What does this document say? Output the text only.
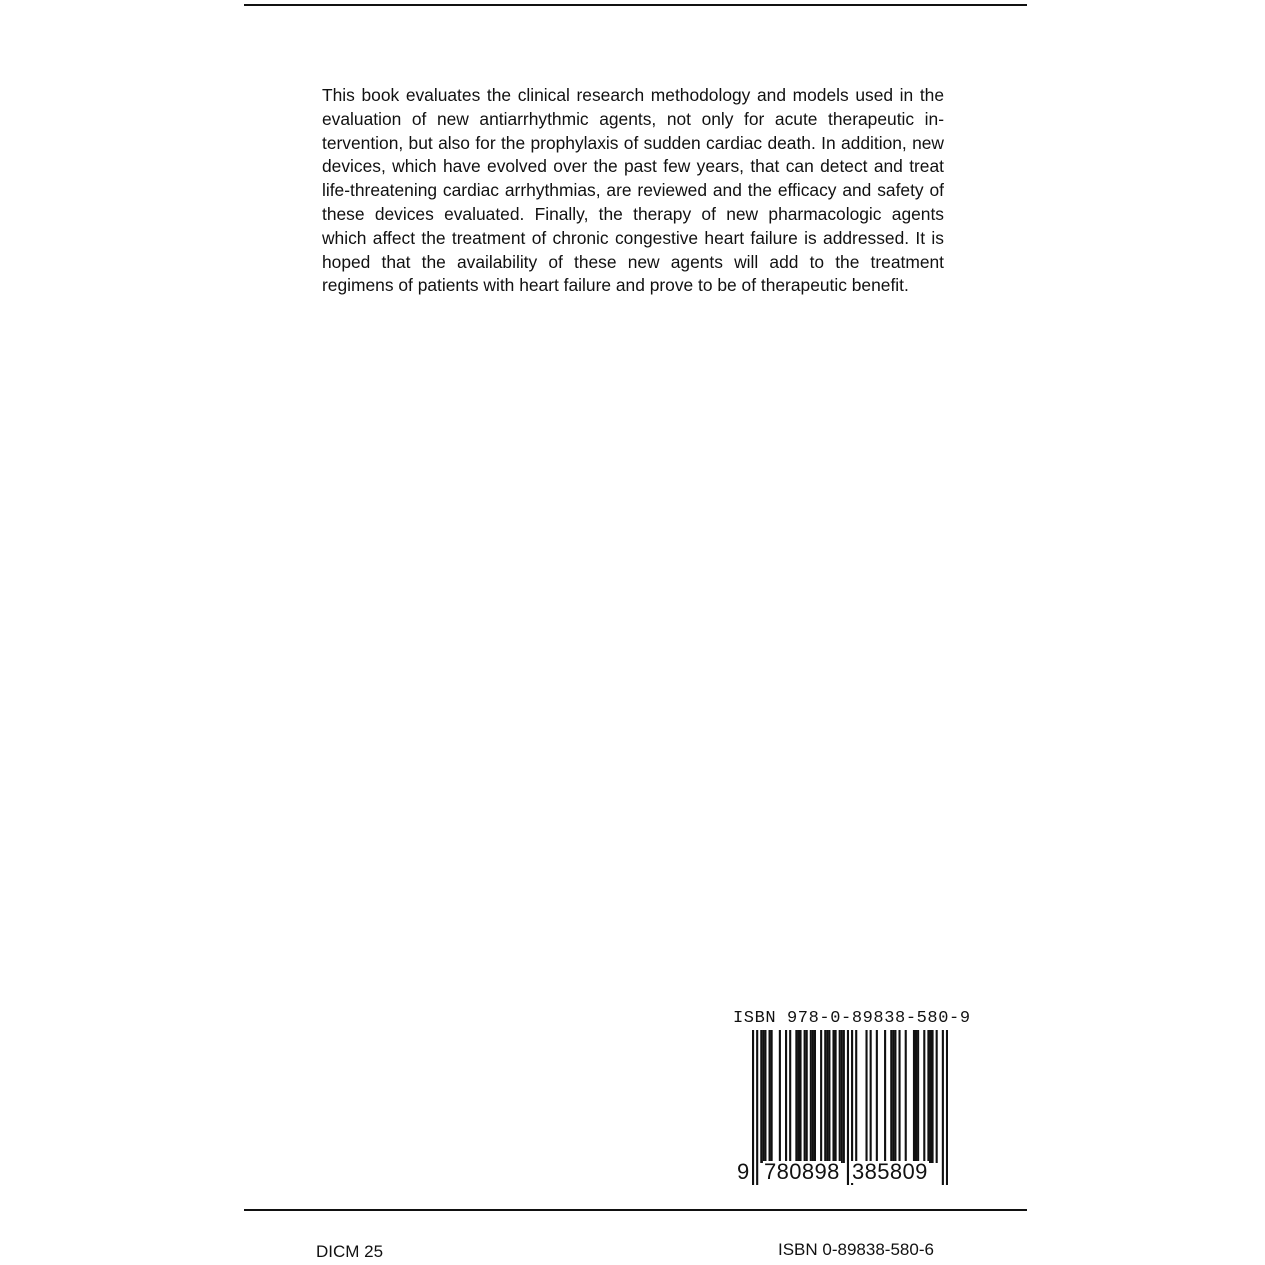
This book evaluates the clinical research methodology and models used in the evaluation of new antiarrhythmic agents, not only for acute therapeutic intervention, but also for the prophylaxis of sudden cardiac death. In addition, new devices, which have evolved over the past few years, that can detect and treat life-threatening cardiac arrhythmias, are reviewed and the efficacy and safety of these devices evaluated. Finally, the therapy of new pharmacologic agents which affect the treatment of chronic congestive heart failure is addressed. It is hoped that the availability of these new agents will add to the treatment regimens of patients with heart failure and prove to be of therapeutic benefit.

ISBN 978-0-89838-580-9
9 780898 385809
DICM 25	ISBN 0-89838-580-6
